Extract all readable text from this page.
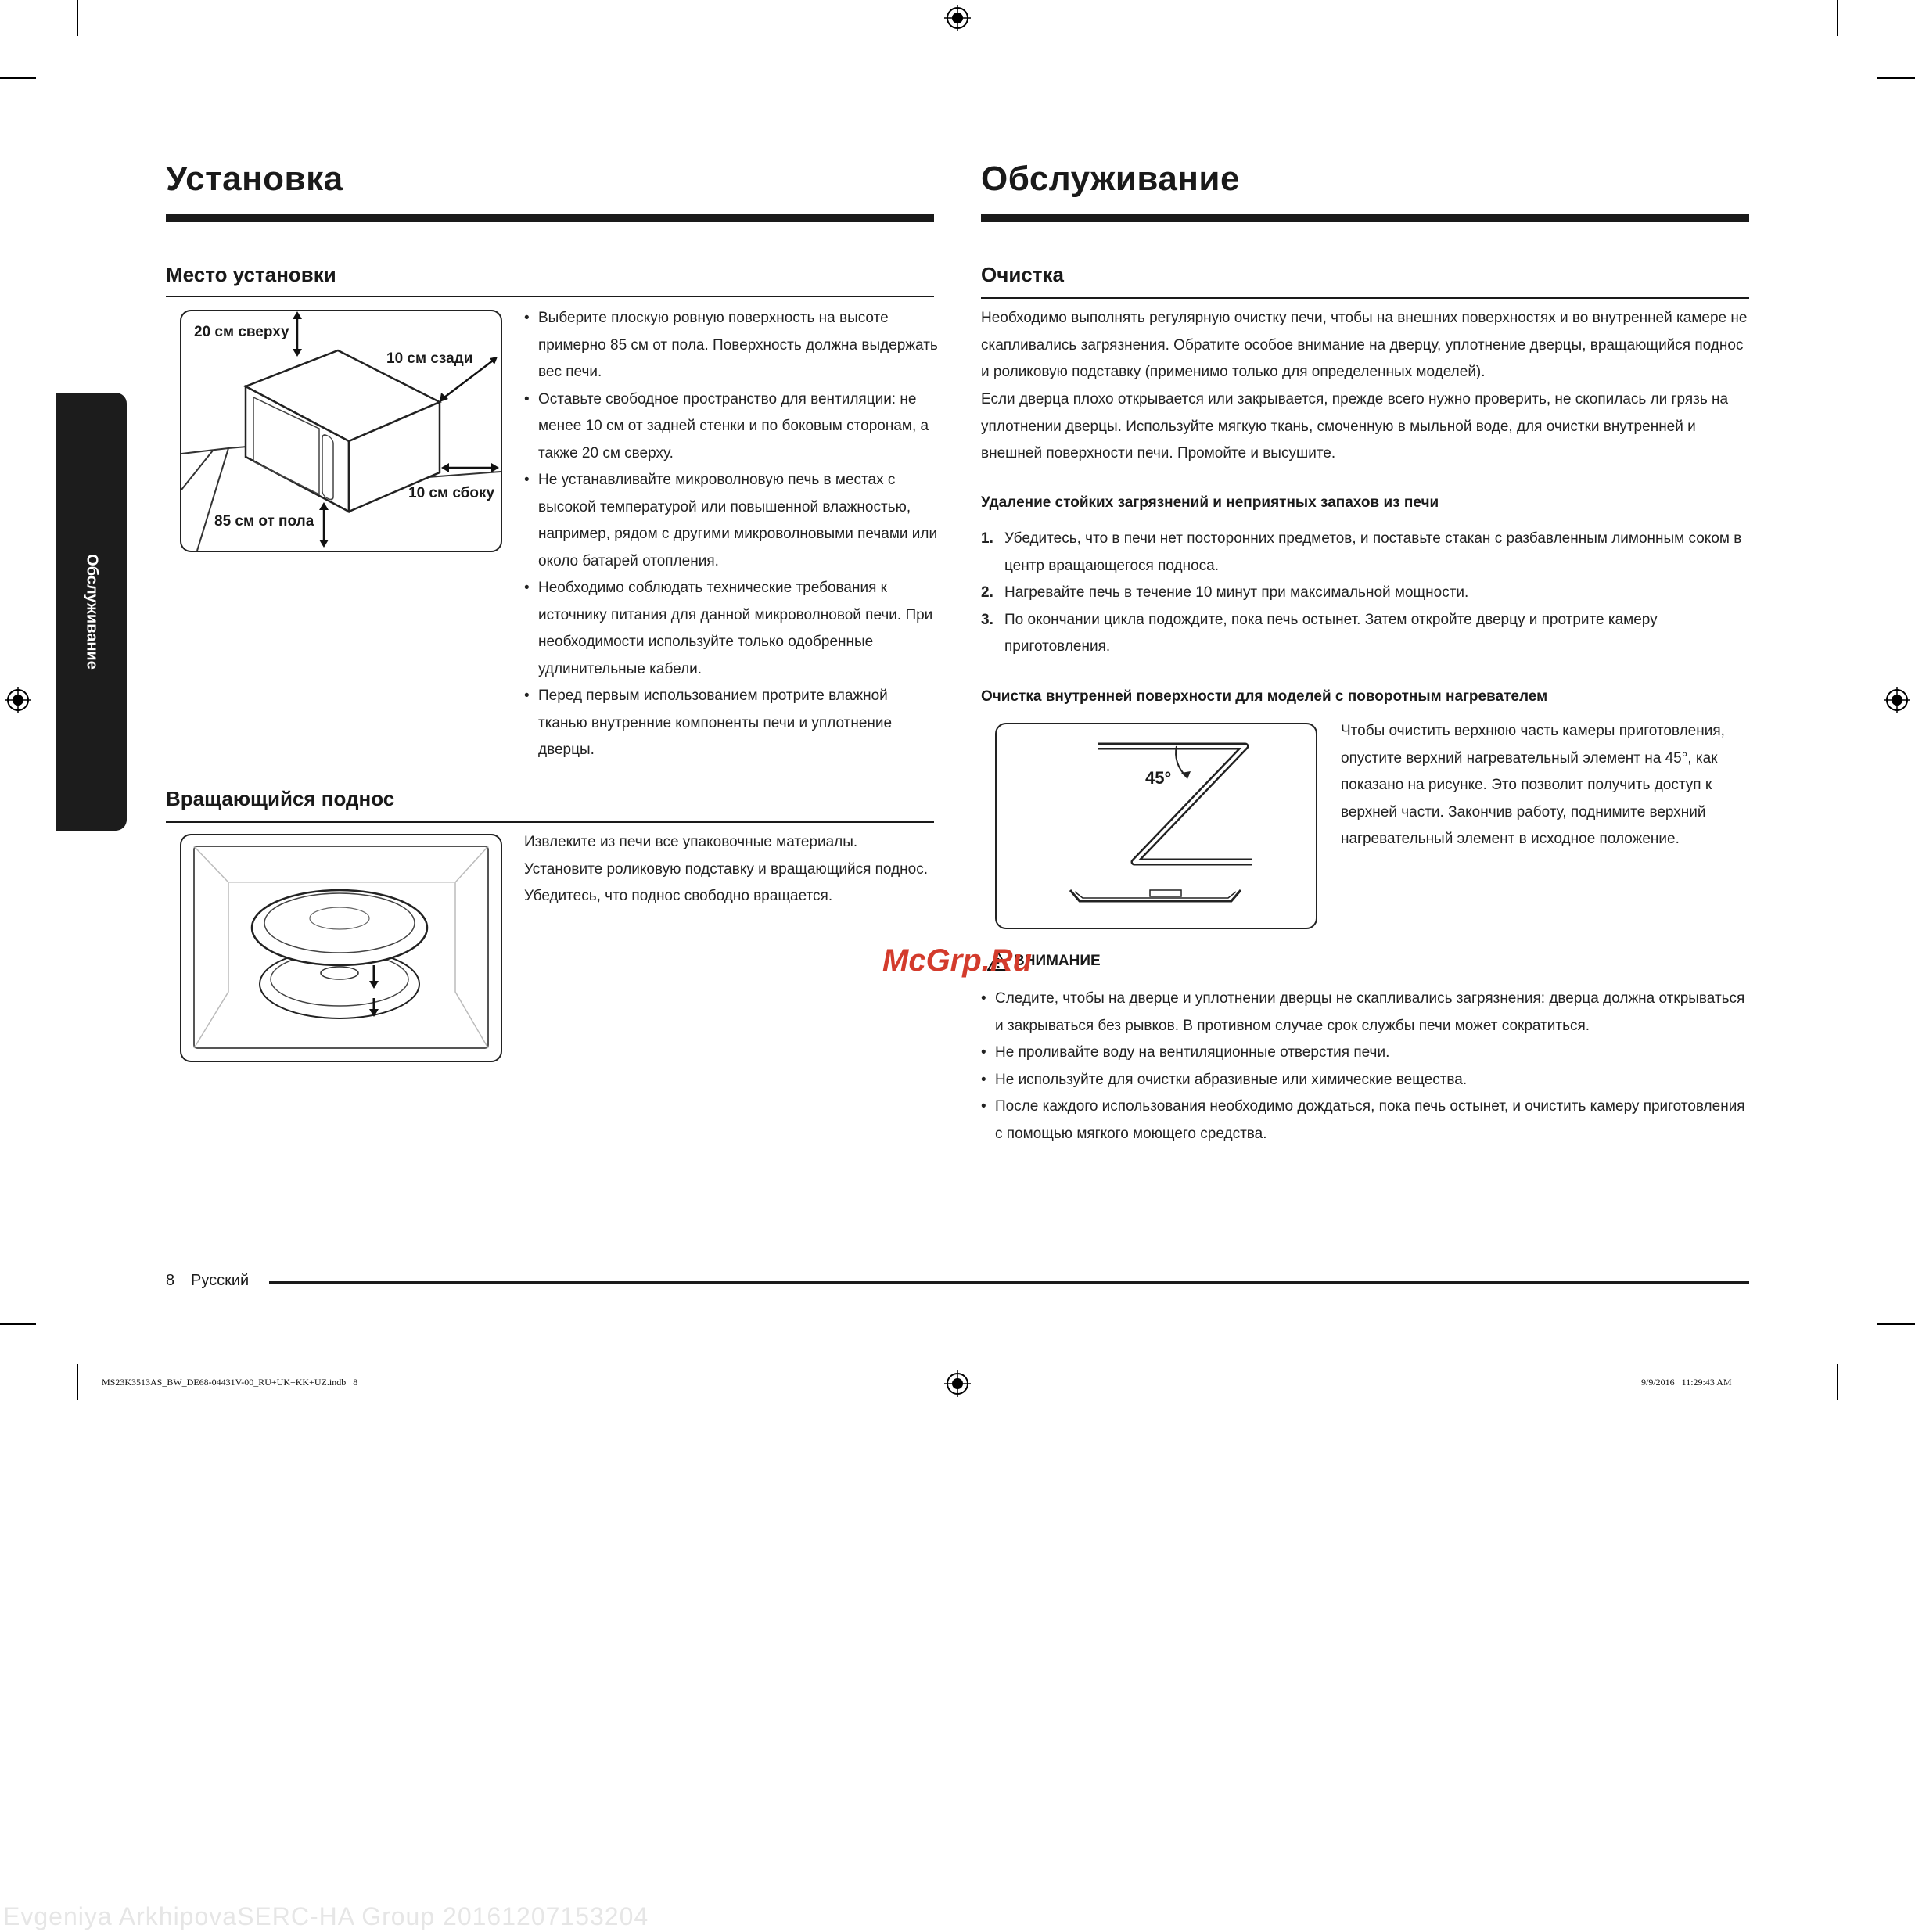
Обслуживание
Установка
Место установки
20 см сверху
10 см сзади
10 см сбоку
85 см от пола
• Выберите плоскую ровную поверхность на высоте примерно 85 см от пола. Поверхность должна выдержать вес печи.
• Оставьте свободное пространство для вентиляции: не менее 10 см от задней стенки и по боковым сторонам, а также 20 см сверху.
• Не устанавливайте микроволновую печь в местах с высокой температурой или повышенной влажностью, например, рядом с другими микроволновыми печами или около батарей отопления.
• Необходимо соблюдать технические требования к источнику питания для данной микроволновой печи. При необходимости используйте только одобренные удлинительные кабели.
• Перед первым использованием протрите влажной тканью внутренние компоненты печи и уплотнение дверцы.
Вращающийся поднос
Извлеките из печи все упаковочные материалы. Установите роликовую подставку и вращающийся поднос. Убедитесь, что поднос свободно вращается.
Обслуживание
Очистка
Необходимо выполнять регулярную очистку печи, чтобы на внешних поверхностях и во внутренней камере не скапливались загрязнения. Обратите особое внимание на дверцу, уплотнение дверцы, вращающийся поднос и роликовую подставку (применимо только для определенных моделей).
Если дверца плохо открывается или закрывается, прежде всего нужно проверить, не скопилась ли грязь на уплотнении дверцы. Используйте мягкую ткань, смоченную в мыльной воде, для очистки внутренней и внешней поверхности печи. Промойте и высушите.
Удаление стойких загрязнений и неприятных запахов из печи
1. Убедитесь, что в печи нет посторонних предметов, и поставьте стакан с разбавленным лимонным соком в центр вращающегося подноса.
2. Нагревайте печь в течение 10 минут при максимальной мощности.
3. По окончании цикла подождите, пока печь остынет. Затем откройте дверцу и протрите камеру приготовления.
Очистка внутренней поверхности для моделей с поворотным нагревателем
45°
Чтобы очистить верхнюю часть камеры приготовления, опустите верхний нагревательный элемент на 45°, как показано на рисунке. Это позволит получить доступ к верхней части. Закончив работу, поднимите верхний нагревательный элемент в исходное положение.
ВНИМАНИЕ
• Следите, чтобы на дверце и уплотнении дверцы не скапливались загрязнения: дверца должна открываться и закрываться без рывков. В противном случае срок службы печи может сократиться.
• Не проливайте воду на вентиляционные отверстия печи.
• Не используйте для очистки абразивные или химические вещества.
• После каждого использования необходимо дождаться, пока печь остынет, и очистить камеру приготовления с помощью мягкого моющего средства.
McGrp.Ru
8 Русский
MS23K3513AS_BW_DE68-04431V-00_RU+UK+KK+UZ.indb   8	9/9/2016   11:29:43 AM
Evgeniya ArkhipovaSERC-HA Group 20161207153204
